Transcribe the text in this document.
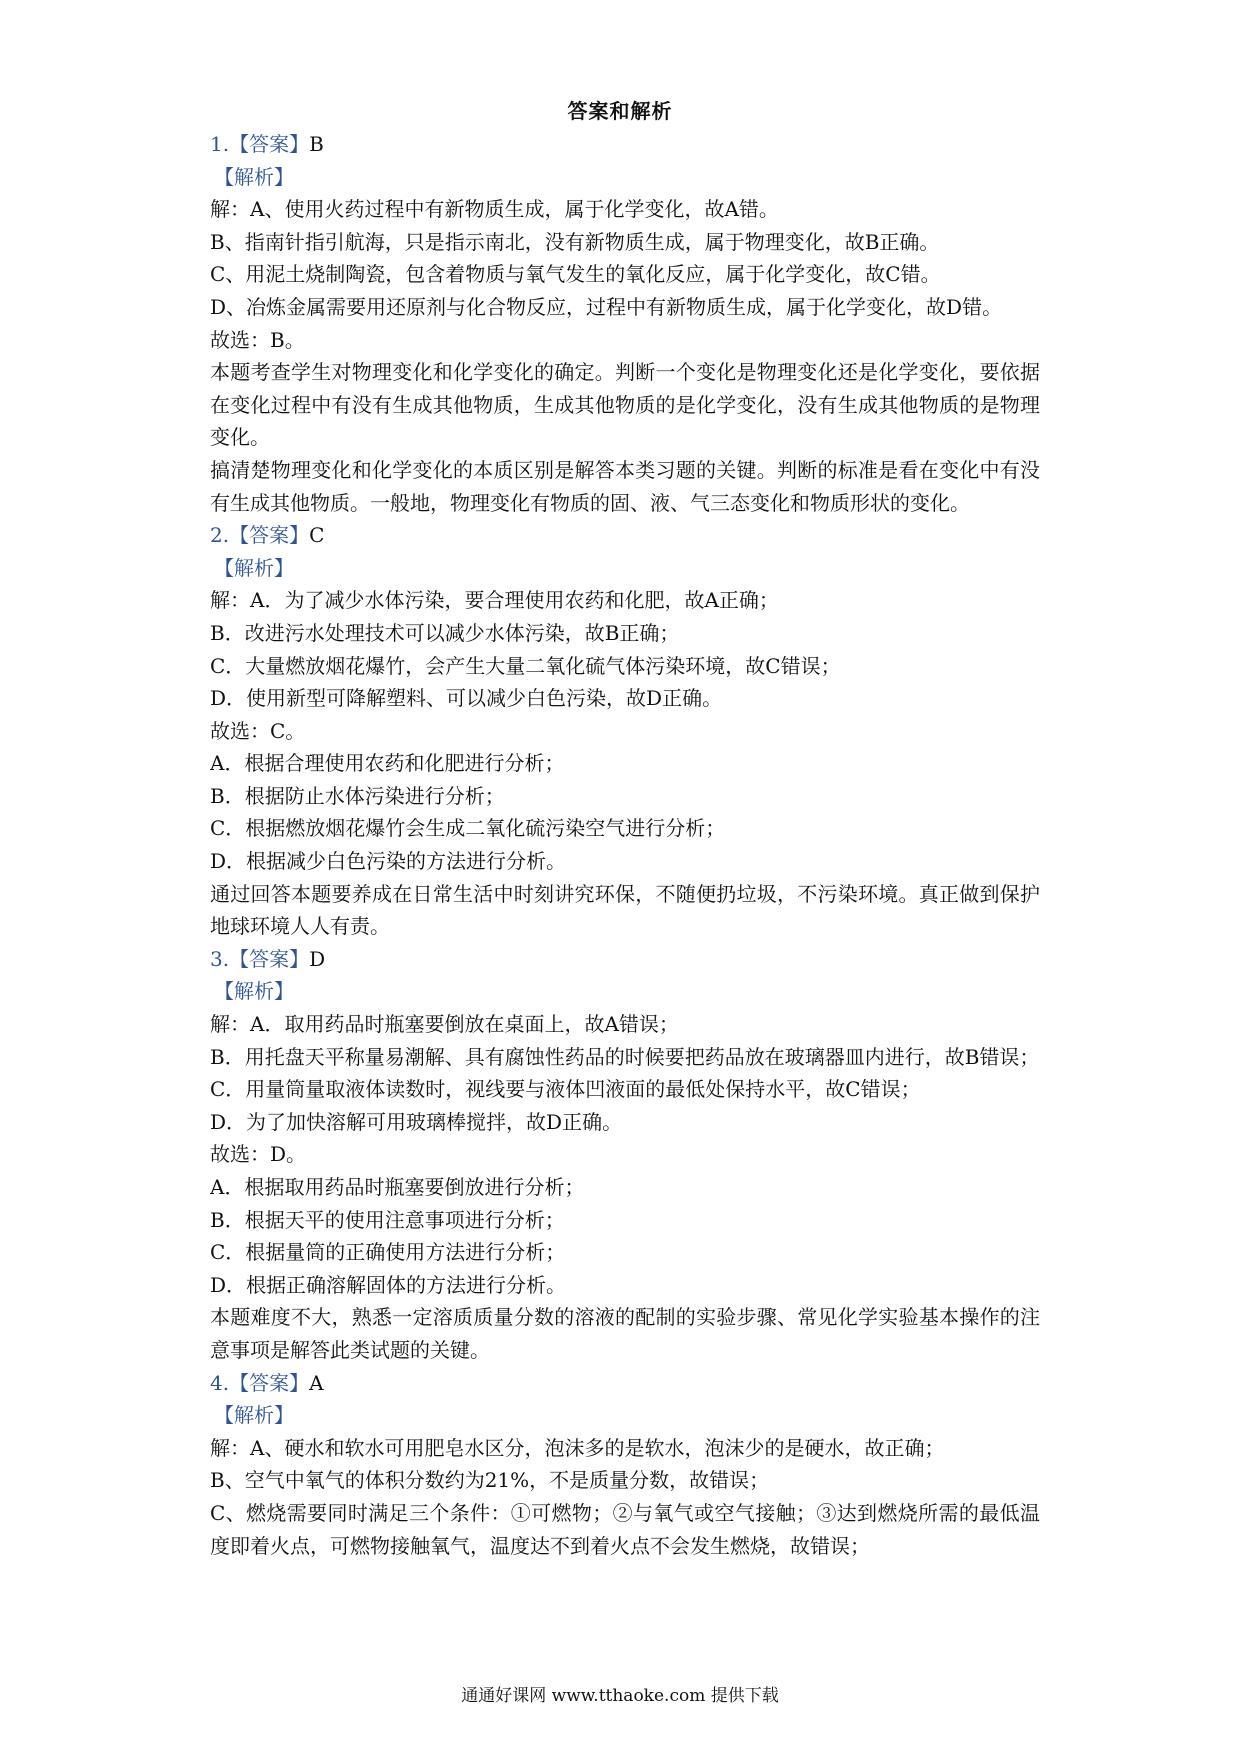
答案和解析
1.【答案】B
【解析】
解：A、使用火药过程中有新物质生成，属于化学变化，故A错。
B、指南针指引航海，只是指示南北，没有新物质生成，属于物理变化，故B正确。
C、用泥土烧制陶瓷，包含着物质与氧气发生的氧化反应，属于化学变化，故C错。
D、冶炼金属需要用还原剂与化合物反应，过程中有新物质生成，属于化学变化，故D错。
故选：B。
本题考查学生对物理变化和化学变化的确定。判断一个变化是物理变化还是化学变化，要依据在变化过程中有没有生成其他物质，生成其他物质的是化学变化，没有生成其他物质的是物理变化。
搞清楚物理变化和化学变化的本质区别是解答本类习题的关键。判断的标准是看在变化中有没有生成其他物质。一般地，物理变化有物质的固、液、气三态变化和物质形状的变化。
2.【答案】C
【解析】
解：A．为了减少水体污染，要合理使用农药和化肥，故A正确；
B．改进污水处理技术可以减少水体污染，故B正确；
C．大量燃放烟花爆竹，会产生大量二氧化硫气体污染环境，故C错误；
D．使用新型可降解塑料、可以减少白色污染，故D正确。
故选：C。
A．根据合理使用农药和化肥进行分析；
B．根据防止水体污染进行分析；
C．根据燃放烟花爆竹会生成二氧化硫污染空气进行分析；
D．根据减少白色污染的方法进行分析。
通过回答本题要养成在日常生活中时刻讲究环保，不随便扔垃圾，不污染环境。真正做到保护地球环境人人有责。
3.【答案】D
【解析】
解：A．取用药品时瓶塞要倒放在桌面上，故A错误；
B．用托盘天平称量易潮解、具有腐蚀性药品的时候要把药品放在玻璃器皿内进行，故B错误；
C．用量筒量取液体读数时，视线要与液体凹液面的最低处保持水平，故C错误；
D．为了加快溶解可用玻璃棒搅拌，故D正确。
故选：D。
A．根据取用药品时瓶塞要倒放进行分析；
B．根据天平的使用注意事项进行分析；
C．根据量筒的正确使用方法进行分析；
D．根据正确溶解固体的方法进行分析。
本题难度不大，熟悉一定溶质质量分数的溶液的配制的实验步骤、常见化学实验基本操作的注意事项是解答此类试题的关键。
4.【答案】A
【解析】
解：A、硬水和软水可用肥皂水区分，泡沫多的是软水，泡沫少的是硬水，故正确；
B、空气中氧气的体积分数约为21%，不是质量分数，故错误；
C、燃烧需要同时满足三个条件：①可燃物；②与氧气或空气接触；③达到燃烧所需的最低温度即着火点，可燃物接触氧气，温度达不到着火点不会发生燃烧，故错误；
通通好课网 www.tthaoke.com 提供下载
